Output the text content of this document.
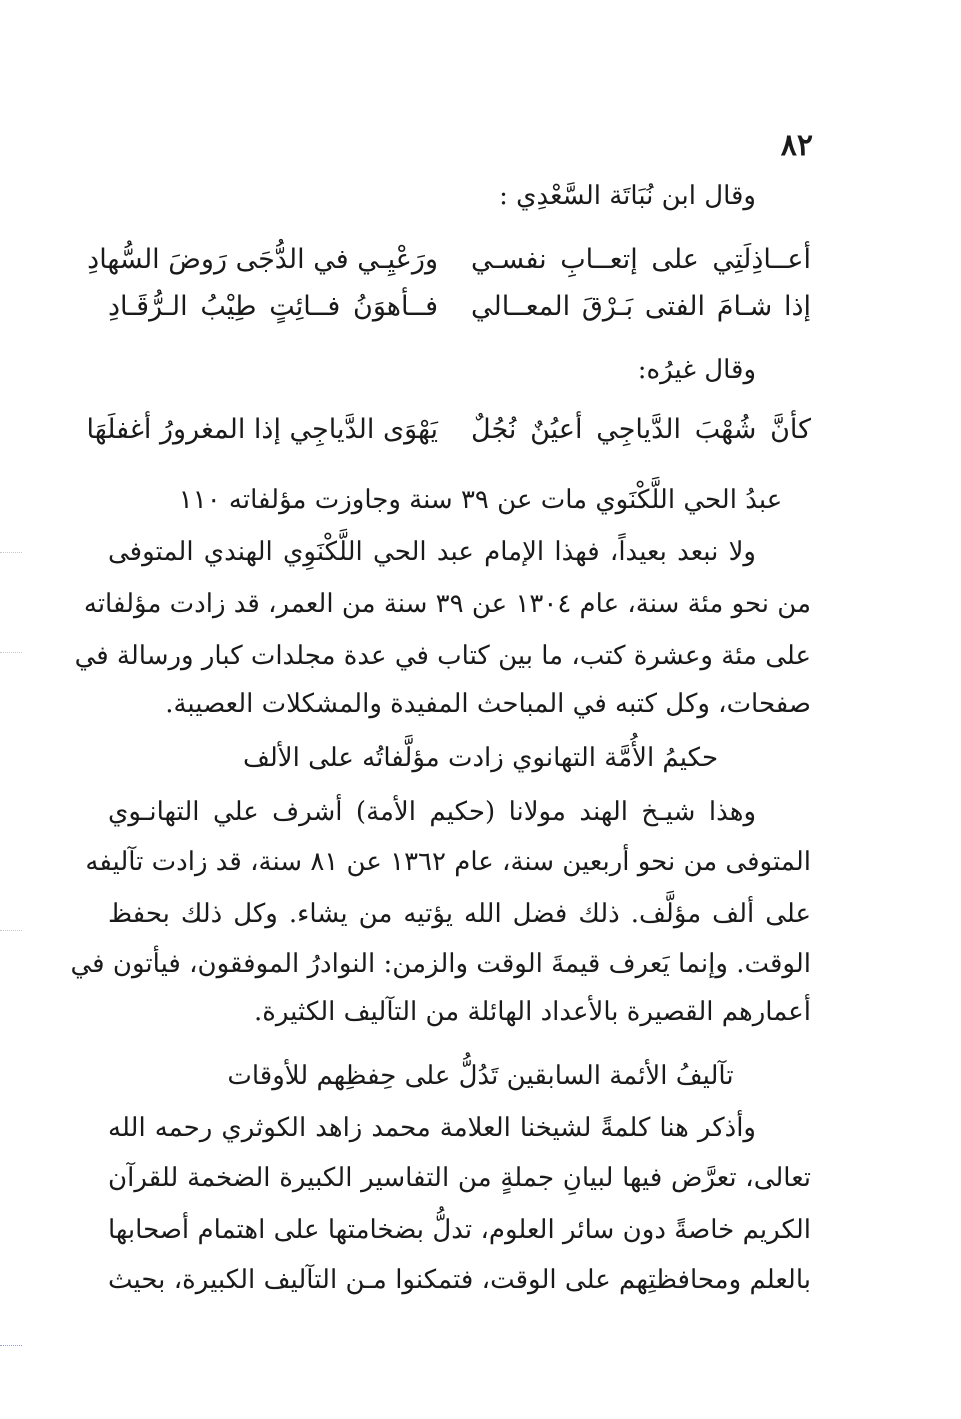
٨٢
وقال ابن نُبَاتَة السَّعْدِي :
أعــاذِلَتِي على إتعــابِ نفسـي
ورَعْيِـي في الدُّجَى رَوضَ السُّهادِ
إذا شـامَ الفتى بَـرْقَ المعــالي
فــأهوَنُ فــائِتٍ طِيْبُ الـرُّقَـادِ
وقال غيرُه:
كأنَّ شُهْبَ الدَّياجِي أعيُنٌ نُجُلٌ
يَهْوَى الدَّياجِي إذا المغرورُ أغفلَهَا
عبدُ الحي اللَّكْنَوي مات عن ٣٩ سنة وجاوزت مؤلفاته ١١٠
ولا نبعد بعيداً، فهذا الإمام عبد الحي اللَّكْنَوِي الهندي المتوفى
من نحو مئة سنة، عام ١٣٠٤ عن ٣٩ سنة من العمر، قد زادت مؤلفاته
على مئة وعشرة كتب، ما بين كتاب في عدة مجلدات كبار ورسالة في
صفحات، وكل كتبه في المباحث المفيدة والمشكلات العصيبة.
حكيمُ الأُمَّة التهانوي زادت مؤلَّفاتُه على الألف
وهذا شيـخ الهند مولانا (حكيم الأمة) أشرف علي التهانـوي
المتوفى من نحو أربعين سنة، عام ١٣٦٢ عن ٨١ سنة، قد زادت تآليفه
على ألف مؤلَّف. ذلك فضل الله يؤتيه من يشاء. وكل ذلك بحفظ
الوقت. وإنما يَعرف قيمةَ الوقت والزمن: النوادرُ الموفقون، فيأتون في
أعمارهم القصيرة بالأعداد الهائلة من التآليف الكثيرة.
تآليفُ الأئمة السابقين تَدُلُّ على حِفظِهم للأوقات
وأذكر هنا كلمةً لشيخنا العلامة محمد زاهد الكوثري رحمه الله
تعالى، تعرَّض فيها لبيانِ جملةٍ من التفاسير الكبيرة الضخمة للقرآن
الكريم خاصةً دون سائر العلوم، تدلُّ بضخامتها على اهتمام أصحابها
بالعلم ومحافظتِهم على الوقت، فتمكنوا مـن التآليف الكبيرة، بحيث
